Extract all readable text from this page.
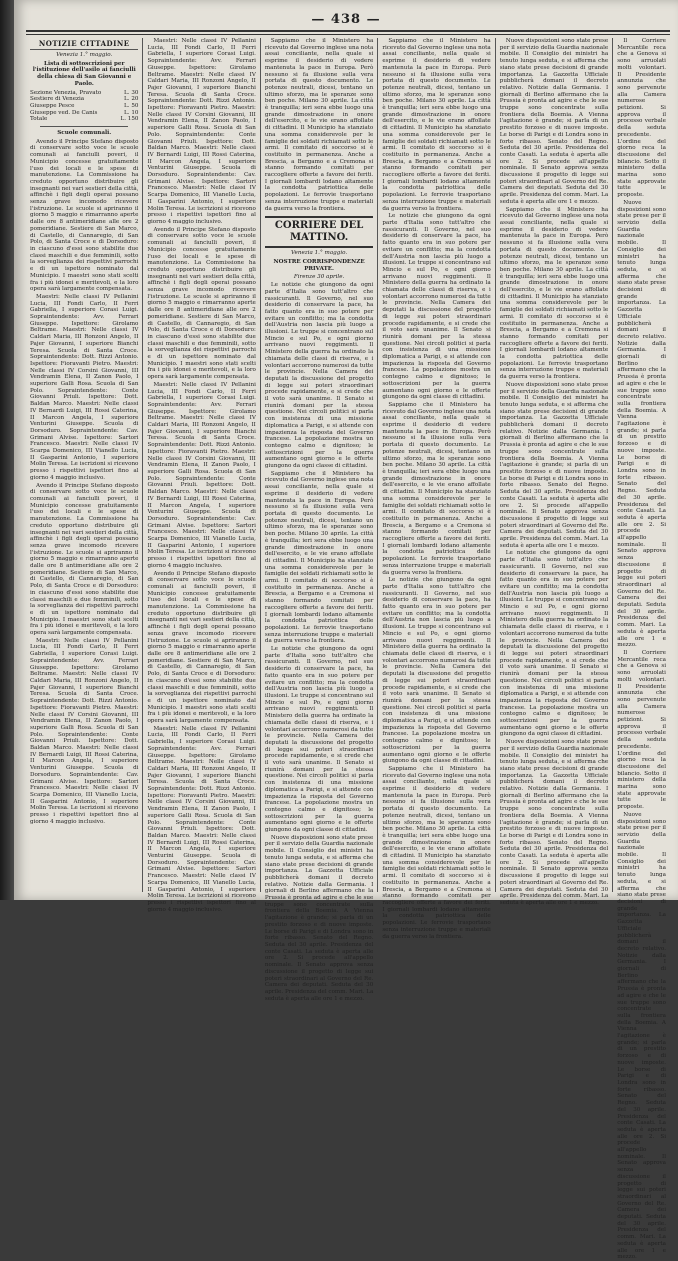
— 438 —
NOTIZIE CITTADINE
Venezia 1.° maggio.
Lista di sottoscrizioni per l'istituzione dell'asilo ai fanciulli della chiesa di San Giovanni e Paolo.
Sezione Venezia, Pravato	L. 30
Sestiere di Venezia	L. 20
Giuseppe Pesce	L. 50
Giuseppe ved. De Canis	L. 10
Totale	L. 150
Scuole comunali.

Avendo il Principe Stefano disposto di conservare sotto voce le scuole comunali ai fanciulli poveri, il Municipio concesse gratuitamente l'uso dei locali e le spese di manutenzione. La Commissione ha creduto opportuno distribuire gli insegnanti nei vari sestieri della città, affinchè i figli degli operai possano senza grave incomodo ricevere l'istruzione. Le scuole si apriranno il giorno 5 maggio e rimarranno aperte dalle ore 8 antimeridiane alle ore 2 pomeridiane. Sestiere di San Marco, di Castello, di Cannaregio, di San Polo, di Santa Croce e di Dorsoduro: in ciascuno d'essi sono stabilite due classi maschili e due femminili, sotto la sorveglianza dei rispettivi parrochi e di un ispettore nominato dal Municipio. I maestri sono stati scelti fra i più idonei e meritevoli, e la loro opera sarà largamente compensata.

Maestri: Nelle classi IV Pellanini Lucia, III Fondi Carlo, II Ferri Gabriella, I superiore Corasi Luigi. Sopraintendente: Avv. Ferrari Giuseppe. Ispettore: Girolamo Beltrame. Maestri: Nelle classi IV Caldari Maria, III Ronzoni Angelo, II Pajer Giovanni, I superiore Bianchi Teresa. Scuola di Santa Croce. Sopraintendente: Dott. Rizzi Antonio. Ispettore: Fioravanti Pietro. Maestri: Nelle classi IV Corsini Giovanni, III Vendramin Elena, II Zanon Paolo, I superiore Galli Rosa. Scuola di San Polo. Sopraintendente: Conte Giovanni Priuli. Ispettore: Dott. Baldan Marco. Maestri: Nelle classi IV Bernardi Luigi, III Rossi Caterina, II Marcon Angela, I superiore Venturini Giuseppe. Scuola di Dorsoduro. Sopraintendente: Cav. Grimani Alvise. Ispettore: Sartori Francesco. Maestri: Nelle classi IV Scarpa Domenico, III Vianello Lucia, II Gasparini Antonio, I superiore Molin Teresa. Le iscrizioni si ricevono presso i rispettivi ispettori fino al giorno 4 maggio inclusivo.

Avendo il Principe Stefano disposto di conservare sotto voce le scuole comunali ai fanciulli poveri, il Municipio concesse gratuitamente l'uso dei locali e le spese di manutenzione. La Commissione ha creduto opportuno distribuire gli insegnanti nei vari sestieri della città, affinchè i figli degli operai possano senza grave incomodo ricevere l'istruzione. Le scuole si apriranno il giorno 5 maggio e rimarranno aperte dalle ore 8 antimeridiane alle ore 2 pomeridiane. Sestiere di San Marco, di Castello, di Cannaregio, di San Polo, di Santa Croce e di Dorsoduro: in ciascuno d'essi sono stabilite due classi maschili e due femminili, sotto la sorveglianza dei rispettivi parrochi e di un ispettore nominato dal Municipio. I maestri sono stati scelti fra i più idonei e meritevoli, e la loro opera sarà largamente compensata.

Maestri: Nelle classi IV Pellanini Lucia, III Fondi Carlo, II Ferri Gabriella, I superiore Corasi Luigi. Sopraintendente: Avv. Ferrari Giuseppe. Ispettore: Girolamo Beltrame. Maestri: Nelle classi IV Caldari Maria, III Ronzoni Angelo, II Pajer Giovanni, I superiore Bianchi Teresa. Scuola di Santa Croce. Sopraintendente: Dott. Rizzi Antonio. Ispettore: Fioravanti Pietro. Maestri: Nelle classi IV Corsini Giovanni, III Vendramin Elena, II Zanon Paolo, I superiore Galli Rosa. Scuola di San Polo. Sopraintendente: Conte Giovanni Priuli. Ispettore: Dott. Baldan Marco. Maestri: Nelle classi IV Bernardi Luigi, III Rossi Caterina, II Marcon Angela, I superiore Venturini Giuseppe. Scuola di Dorsoduro. Sopraintendente: Cav. Grimani Alvise. Ispettore: Sartori Francesco. Maestri: Nelle classi IV Scarpa Domenico, III Vianello Lucia, II Gasparini Antonio, I superiore Molin Teresa. Le iscrizioni si ricevono presso i rispettivi ispettori fino al giorno 4 maggio inclusivo.

Maestri: Nelle classi IV Pellanini Lucia, III Fondi Carlo, II Ferri Gabriella, I superiore Corasi Luigi. Sopraintendente: Avv. Ferrari Giuseppe. Ispettore: Girolamo Beltrame. Maestri: Nelle classi IV Caldari Maria, III Ronzoni Angelo, II Pajer Giovanni, I superiore Bianchi Teresa. Scuola di Santa Croce. Sopraintendente: Dott. Rizzi Antonio. Ispettore: Fioravanti Pietro. Maestri: Nelle classi IV Corsini Giovanni, III Vendramin Elena, II Zanon Paolo, I superiore Galli Rosa. Scuola di San Polo. Sopraintendente: Conte Giovanni Priuli. Ispettore: Dott. Baldan Marco. Maestri: Nelle classi IV Bernardi Luigi, III Rossi Caterina, II Marcon Angela, I superiore Venturini Giuseppe. Scuola di Dorsoduro. Sopraintendente: Cav. Grimani Alvise. Ispettore: Sartori Francesco. Maestri: Nelle classi IV Scarpa Domenico, III Vianello Lucia, II Gasparini Antonio, I superiore Molin Teresa. Le iscrizioni si ricevono presso i rispettivi ispettori fino al giorno 4 maggio inclusivo.

Avendo il Principe Stefano disposto di conservare sotto voce le scuole comunali ai fanciulli poveri, il Municipio concesse gratuitamente l'uso dei locali e le spese di manutenzione. La Commissione ha creduto opportuno distribuire gli insegnanti nei vari sestieri della città, affinchè i figli degli operai possano senza grave incomodo ricevere l'istruzione. Le scuole si apriranno il giorno 5 maggio e rimarranno aperte dalle ore 8 antimeridiane alle ore 2 pomeridiane. Sestiere di San Marco, di Castello, di Cannaregio, di San Polo, di Santa Croce e di Dorsoduro: in ciascuno d'essi sono stabilite due classi maschili e due femminili, sotto la sorveglianza dei rispettivi parrochi e di un ispettore nominato dal Municipio. I maestri sono stati scelti fra i più idonei e meritevoli, e la loro opera sarà largamente compensata.

Maestri: Nelle classi IV Pellanini Lucia, III Fondi Carlo, II Ferri Gabriella, I superiore Corasi Luigi. Sopraintendente: Avv. Ferrari Giuseppe. Ispettore: Girolamo Beltrame. Maestri: Nelle classi IV Caldari Maria, III Ronzoni Angelo, II Pajer Giovanni, I superiore Bianchi Teresa. Scuola di Santa Croce. Sopraintendente: Dott. Rizzi Antonio. Ispettore: Fioravanti Pietro. Maestri: Nelle classi IV Corsini Giovanni, III Vendramin Elena, II Zanon Paolo, I superiore Galli Rosa. Scuola di San Polo. Sopraintendente: Conte Giovanni Priuli. Ispettore: Dott. Baldan Marco. Maestri: Nelle classi IV Bernardi Luigi, III Rossi Caterina, II Marcon Angela, I superiore Venturini Giuseppe. Scuola di Dorsoduro. Sopraintendente: Cav. Grimani Alvise. Ispettore: Sartori Francesco. Maestri: Nelle classi IV Scarpa Domenico, III Vianello Lucia, II Gasparini Antonio, I superiore Molin Teresa. Le iscrizioni si ricevono presso i rispettivi ispettori fino al giorno 4 maggio inclusivo.

Avendo il Principe Stefano disposto di conservare sotto voce le scuole comunali ai fanciulli poveri, il Municipio concesse gratuitamente l'uso dei locali e le spese di manutenzione. La Commissione ha creduto opportuno distribuire gli insegnanti nei vari sestieri della città, affinchè i figli degli operai possano senza grave incomodo ricevere l'istruzione. Le scuole si apriranno il giorno 5 maggio e rimarranno aperte dalle ore 8 antimeridiane alle ore 2 pomeridiane. Sestiere di San Marco, di Castello, di Cannaregio, di San Polo, di Santa Croce e di Dorsoduro: in ciascuno d'essi sono stabilite due classi maschili e due femminili, sotto la sorveglianza dei rispettivi parrochi e di un ispettore nominato dal Municipio. I maestri sono stati scelti fra i più idonei e meritevoli, e la loro opera sarà largamente compensata.

Maestri: Nelle classi IV Pellanini Lucia, III Fondi Carlo, II Ferri Gabriella, I superiore Corasi Luigi. Sopraintendente: Avv. Ferrari Giuseppe. Ispettore: Girolamo Beltrame. Maestri: Nelle classi IV Caldari Maria, III Ronzoni Angelo, II Pajer Giovanni, I superiore Bianchi Teresa. Scuola di Santa Croce. Sopraintendente: Dott. Rizzi Antonio. Ispettore: Fioravanti Pietro. Maestri: Nelle classi IV Corsini Giovanni, III Vendramin Elena, II Zanon Paolo, I superiore Galli Rosa. Scuola di San Polo. Sopraintendente: Conte Giovanni Priuli. Ispettore: Dott. Baldan Marco. Maestri: Nelle classi IV Bernardi Luigi, III Rossi Caterina, II Marcon Angela, I superiore Venturini Giuseppe. Scuola di Dorsoduro. Sopraintendente: Cav. Grimani Alvise. Ispettore: Sartori Francesco. Maestri: Nelle classi IV Scarpa Domenico, III Vianello Lucia, II Gasparini Antonio, I superiore Molin Teresa. Le iscrizioni si ricevono presso i rispettivi ispettori fino al giorno 4 maggio inclusivo.

Sappiamo che il Ministero ha ricevuto dal Governo inglese una nota assai conciliante, nella quale si esprime il desiderio di vedere mantenuta la pace in Europa. Però nessuno si fa illusione sulla vera portata di questo documento. Le potenze neutrali, dicesi, tentano un ultimo sforzo, ma le speranze sono ben poche. Milano 30 aprile. La città è tranquilla; ieri sera ebbe luogo una grande dimostrazione in onore dell'esercito, e le vie erano affollate di cittadini. Il Municipio ha stanziato una somma considerevole per le famiglie dei soldati richiamati sotto le armi. Il comitato di soccorso si è costituito in permanenza. Anche a Brescia, a Bergamo e a Cremona si stanno formando comitati per raccogliere offerte a favore dei feriti. I giornali lombardi lodano altamente la condotta patriottica delle popolazioni. Le ferrovie trasportano senza interruzione truppe e materiali da guerra verso la frontiera.

CORRIERE DEL MATTINO.
Venezia 1.° maggio.
NOSTRE CORRISPONDENZE PRIVATE.
Firenze 30 aprile.

Le notizie che giungono da ogni parte d'Italia sono tutt'altro che rassicuranti. Il Governo, nel suo desiderio di conservare la pace, ha fatto quanto era in suo potere per evitare un conflitto; ma la condotta dell'Austria non lascia più luogo a illusioni. Le truppe si concentrano sul Mincio e sul Po, e ogni giorno arrivano nuovi reggimenti. Il Ministero della guerra ha ordinato la chiamata delle classi di riserva, e i volontari accorrono numerosi da tutte le provincie. Nella Camera dei deputati la discussione del progetto di legge sui poteri straordinari procede rapidamente, e si crede che il voto sarà unanime. Il Senato si riunirà domani per la stessa questione. Nei circoli politici si parla con insistenza di una missione diplomatica a Parigi, e si attende con impazienza la risposta del Governo francese. La popolazione mostra un contegno calmo e dignitoso; le sottoscrizioni per la guerra aumentano ogni giorno e le offerte giungono da ogni classe di cittadini.

Sappiamo che il Ministero ha ricevuto dal Governo inglese una nota assai conciliante, nella quale si esprime il desiderio di vedere mantenuta la pace in Europa. Però nessuno si fa illusione sulla vera portata di questo documento. Le potenze neutrali, dicesi, tentano un ultimo sforzo, ma le speranze sono ben poche. Milano 30 aprile. La città è tranquilla; ieri sera ebbe luogo una grande dimostrazione in onore dell'esercito, e le vie erano affollate di cittadini. Il Municipio ha stanziato una somma considerevole per le famiglie dei soldati richiamati sotto le armi. Il comitato di soccorso si è costituito in permanenza. Anche a Brescia, a Bergamo e a Cremona si stanno formando comitati per raccogliere offerte a favore dei feriti. I giornali lombardi lodano altamente la condotta patriottica delle popolazioni. Le ferrovie trasportano senza interruzione truppe e materiali da guerra verso la frontiera.

Le notizie che giungono da ogni parte d'Italia sono tutt'altro che rassicuranti. Il Governo, nel suo desiderio di conservare la pace, ha fatto quanto era in suo potere per evitare un conflitto; ma la condotta dell'Austria non lascia più luogo a illusioni. Le truppe si concentrano sul Mincio e sul Po, e ogni giorno arrivano nuovi reggimenti. Il Ministero della guerra ha ordinato la chiamata delle classi di riserva, e i volontari accorrono numerosi da tutte le provincie. Nella Camera dei deputati la discussione del progetto di legge sui poteri straordinari procede rapidamente, e si crede che il voto sarà unanime. Il Senato si riunirà domani per la stessa questione. Nei circoli politici si parla con insistenza di una missione diplomatica a Parigi, e si attende con impazienza la risposta del Governo francese. La popolazione mostra un contegno calmo e dignitoso; le sottoscrizioni per la guerra aumentano ogni giorno e le offerte giungono da ogni classe di cittadini.

Nuove disposizioni sono state prese per il servizio della Guardia nazionale mobile. Il Consiglio dei ministri ha tenuto lunga seduta, e si afferma che siano state prese decisioni di grande importanza. La Gazzetta Ufficiale pubblicherà domani il decreto relativo. Notizie dalla Germania. I giornali di Berlino affermano che la Prussia è pronta ad agire e che le sue truppe sono concentrate sulla frontiera della Boemia. A Vienna l'agitazione è grande; si parla di un prestito forzoso e di nuove imposte. Le borse di Parigi e di Londra sono in forte ribasso. Senato del Regno. Seduta del 30 aprile. Presidenza del conte Casati. La seduta è aperta alle ore 2. Si procede all'appello nominale. Il Senato approva senza discussione il progetto di legge sui poteri straordinari al Governo del Re. Camera dei deputati. Seduta del 30 aprile. Presidenza del comm. Mari. La seduta è aperta alle ore 1 e mezzo.

Sappiamo che il Ministero ha ricevuto dal Governo inglese una nota assai conciliante, nella quale si esprime il desiderio di vedere mantenuta la pace in Europa. Però nessuno si fa illusione sulla vera portata di questo documento. Le potenze neutrali, dicesi, tentano un ultimo sforzo, ma le speranze sono ben poche. Milano 30 aprile. La città è tranquilla; ieri sera ebbe luogo una grande dimostrazione in onore dell'esercito, e le vie erano affollate di cittadini. Il Municipio ha stanziato una somma considerevole per le famiglie dei soldati richiamati sotto le armi. Il comitato di soccorso si è costituito in permanenza. Anche a Brescia, a Bergamo e a Cremona si stanno formando comitati per raccogliere offerte a favore dei feriti. I giornali lombardi lodano altamente la condotta patriottica delle popolazioni. Le ferrovie trasportano senza interruzione truppe e materiali da guerra verso la frontiera.

Le notizie che giungono da ogni parte d'Italia sono tutt'altro che rassicuranti. Il Governo, nel suo desiderio di conservare la pace, ha fatto quanto era in suo potere per evitare un conflitto; ma la condotta dell'Austria non lascia più luogo a illusioni. Le truppe si concentrano sul Mincio e sul Po, e ogni giorno arrivano nuovi reggimenti. Il Ministero della guerra ha ordinato la chiamata delle classi di riserva, e i volontari accorrono numerosi da tutte le provincie. Nella Camera dei deputati la discussione del progetto di legge sui poteri straordinari procede rapidamente, e si crede che il voto sarà unanime. Il Senato si riunirà domani per la stessa questione. Nei circoli politici si parla con insistenza di una missione diplomatica a Parigi, e si attende con impazienza la risposta del Governo francese. La popolazione mostra un contegno calmo e dignitoso; le sottoscrizioni per la guerra aumentano ogni giorno e le offerte giungono da ogni classe di cittadini.

Sappiamo che il Ministero ha ricevuto dal Governo inglese una nota assai conciliante, nella quale si esprime il desiderio di vedere mantenuta la pace in Europa. Però nessuno si fa illusione sulla vera portata di questo documento. Le potenze neutrali, dicesi, tentano un ultimo sforzo, ma le speranze sono ben poche. Milano 30 aprile. La città è tranquilla; ieri sera ebbe luogo una grande dimostrazione in onore dell'esercito, e le vie erano affollate di cittadini. Il Municipio ha stanziato una somma considerevole per le famiglie dei soldati richiamati sotto le armi. Il comitato di soccorso si è costituito in permanenza. Anche a Brescia, a Bergamo e a Cremona si stanno formando comitati per raccogliere offerte a favore dei feriti. I giornali lombardi lodano altamente la condotta patriottica delle popolazioni. Le ferrovie trasportano senza interruzione truppe e materiali da guerra verso la frontiera.

Le notizie che giungono da ogni parte d'Italia sono tutt'altro che rassicuranti. Il Governo, nel suo desiderio di conservare la pace, ha fatto quanto era in suo potere per evitare un conflitto; ma la condotta dell'Austria non lascia più luogo a illusioni. Le truppe si concentrano sul Mincio e sul Po, e ogni giorno arrivano nuovi reggimenti. Il Ministero della guerra ha ordinato la chiamata delle classi di riserva, e i volontari accorrono numerosi da tutte le provincie. Nella Camera dei deputati la discussione del progetto di legge sui poteri straordinari procede rapidamente, e si crede che il voto sarà unanime. Il Senato si riunirà domani per la stessa questione. Nei circoli politici si parla con insistenza di una missione diplomatica a Parigi, e si attende con impazienza la risposta del Governo francese. La popolazione mostra un contegno calmo e dignitoso; le sottoscrizioni per la guerra aumentano ogni giorno e le offerte giungono da ogni classe di cittadini.

Sappiamo che il Ministero ha ricevuto dal Governo inglese una nota assai conciliante, nella quale si esprime il desiderio di vedere mantenuta la pace in Europa. Però nessuno si fa illusione sulla vera portata di questo documento. Le potenze neutrali, dicesi, tentano un ultimo sforzo, ma le speranze sono ben poche. Milano 30 aprile. La città è tranquilla; ieri sera ebbe luogo una grande dimostrazione in onore dell'esercito, e le vie erano affollate di cittadini. Il Municipio ha stanziato una somma considerevole per le famiglie dei soldati richiamati sotto le armi. Il comitato di soccorso si è costituito in permanenza. Anche a Brescia, a Bergamo e a Cremona si stanno formando comitati per raccogliere offerte a favore dei feriti. I giornali lombardi lodano altamente la condotta patriottica delle popolazioni. Le ferrovie trasportano senza interruzione truppe e materiali da guerra verso la frontiera.

Nuove disposizioni sono state prese per il servizio della Guardia nazionale mobile. Il Consiglio dei ministri ha tenuto lunga seduta, e si afferma che siano state prese decisioni di grande importanza. La Gazzetta Ufficiale pubblicherà domani il decreto relativo. Notizie dalla Germania. I giornali di Berlino affermano che la Prussia è pronta ad agire e che le sue truppe sono concentrate sulla frontiera della Boemia. A Vienna l'agitazione è grande; si parla di un prestito forzoso e di nuove imposte. Le borse di Parigi e di Londra sono in forte ribasso. Senato del Regno. Seduta del 30 aprile. Presidenza del conte Casati. La seduta è aperta alle ore 2. Si procede all'appello nominale. Il Senato approva senza discussione il progetto di legge sui poteri straordinari al Governo del Re. Camera dei deputati. Seduta del 30 aprile. Presidenza del comm. Mari. La seduta è aperta alle ore 1 e mezzo.

Sappiamo che il Ministero ha ricevuto dal Governo inglese una nota assai conciliante, nella quale si esprime il desiderio di vedere mantenuta la pace in Europa. Però nessuno si fa illusione sulla vera portata di questo documento. Le potenze neutrali, dicesi, tentano un ultimo sforzo, ma le speranze sono ben poche. Milano 30 aprile. La città è tranquilla; ieri sera ebbe luogo una grande dimostrazione in onore dell'esercito, e le vie erano affollate di cittadini. Il Municipio ha stanziato una somma considerevole per le famiglie dei soldati richiamati sotto le armi. Il comitato di soccorso si è costituito in permanenza. Anche a Brescia, a Bergamo e a Cremona si stanno formando comitati per raccogliere offerte a favore dei feriti. I giornali lombardi lodano altamente la condotta patriottica delle popolazioni. Le ferrovie trasportano senza interruzione truppe e materiali da guerra verso la frontiera.

Nuove disposizioni sono state prese per il servizio della Guardia nazionale mobile. Il Consiglio dei ministri ha tenuto lunga seduta, e si afferma che siano state prese decisioni di grande importanza. La Gazzetta Ufficiale pubblicherà domani il decreto relativo. Notizie dalla Germania. I giornali di Berlino affermano che la Prussia è pronta ad agire e che le sue truppe sono concentrate sulla frontiera della Boemia. A Vienna l'agitazione è grande; si parla di un prestito forzoso e di nuove imposte. Le borse di Parigi e di Londra sono in forte ribasso. Senato del Regno. Seduta del 30 aprile. Presidenza del conte Casati. La seduta è aperta alle ore 2. Si procede all'appello nominale. Il Senato approva senza discussione il progetto di legge sui poteri straordinari al Governo del Re. Camera dei deputati. Seduta del 30 aprile. Presidenza del comm. Mari. La seduta è aperta alle ore 1 e mezzo.

Le notizie che giungono da ogni parte d'Italia sono tutt'altro che rassicuranti. Il Governo, nel suo desiderio di conservare la pace, ha fatto quanto era in suo potere per evitare un conflitto; ma la condotta dell'Austria non lascia più luogo a illusioni. Le truppe si concentrano sul Mincio e sul Po, e ogni giorno arrivano nuovi reggimenti. Il Ministero della guerra ha ordinato la chiamata delle classi di riserva, e i volontari accorrono numerosi da tutte le provincie. Nella Camera dei deputati la discussione del progetto di legge sui poteri straordinari procede rapidamente, e si crede che il voto sarà unanime. Il Senato si riunirà domani per la stessa questione. Nei circoli politici si parla con insistenza di una missione diplomatica a Parigi, e si attende con impazienza la risposta del Governo francese. La popolazione mostra un contegno calmo e dignitoso; le sottoscrizioni per la guerra aumentano ogni giorno e le offerte giungono da ogni classe di cittadini.

Nuove disposizioni sono state prese per il servizio della Guardia nazionale mobile. Il Consiglio dei ministri ha tenuto lunga seduta, e si afferma che siano state prese decisioni di grande importanza. La Gazzetta Ufficiale pubblicherà domani il decreto relativo. Notizie dalla Germania. I giornali di Berlino affermano che la Prussia è pronta ad agire e che le sue truppe sono concentrate sulla frontiera della Boemia. A Vienna l'agitazione è grande; si parla di un prestito forzoso e di nuove imposte. Le borse di Parigi e di Londra sono in forte ribasso. Senato del Regno. Seduta del 30 aprile. Presidenza del conte Casati. La seduta è aperta alle ore 2. Si procede all'appello nominale. Il Senato approva senza discussione il progetto di legge sui poteri straordinari al Governo del Re. Camera dei deputati. Seduta del 30 aprile. Presidenza del comm. Mari. La seduta è aperta alle ore 1 e mezzo.

Il Corriere Mercantile reca che a Genova si sono arruolati molti volontari. Il Presidente annunzia che sono pervenute alla Camera numerose petizioni. Si approva il processo verbale della seduta precedente. L'ordine del giorno reca la discussione del bilancio. Sotto il ministero della marina sono state approvate tutte le proposte.

Nuove disposizioni sono state prese per il servizio della Guardia nazionale mobile. Il Consiglio dei ministri ha tenuto lunga seduta, e si afferma che siano state prese decisioni di grande importanza. La Gazzetta Ufficiale pubblicherà domani il decreto relativo. Notizie dalla Germania. I giornali di Berlino affermano che la Prussia è pronta ad agire e che le sue truppe sono concentrate sulla frontiera della Boemia. A Vienna l'agitazione è grande; si parla di un prestito forzoso e di nuove imposte. Le borse di Parigi e di Londra sono in forte ribasso. Senato del Regno. Seduta del 30 aprile. Presidenza del conte Casati. La seduta è aperta alle ore 2. Si procede all'appello nominale. Il Senato approva senza discussione il progetto di legge sui poteri straordinari al Governo del Re. Camera dei deputati. Seduta del 30 aprile. Presidenza del comm. Mari. La seduta è aperta alle ore 1 e mezzo.

Il Corriere Mercantile reca che a Genova si sono arruolati molti volontari. Il Presidente annunzia che sono pervenute alla Camera numerose petizioni. Si approva il processo verbale della seduta precedente. L'ordine del giorno reca la discussione del bilancio. Sotto il ministero della marina sono state approvate tutte le proposte.

Nuove disposizioni sono state prese per il servizio della Guardia nazionale mobile. Il Consiglio dei ministri ha tenuto lunga seduta, e si afferma che siano state prese decisioni di grande importanza. La Gazzetta Ufficiale pubblicherà domani il decreto relativo. Notizie dalla Germania. I giornali di Berlino affermano che la Prussia è pronta ad agire e che le sue truppe sono concentrate sulla frontiera della Boemia. A Vienna l'agitazione è grande; si parla di un prestito forzoso e di nuove imposte. Le borse di Parigi e di Londra sono in forte ribasso. Senato del Regno. Seduta del 30 aprile. Presidenza del conte Casati. La seduta è aperta alle ore 2. Si procede all'appello nominale. Il Senato approva senza discussione il progetto di legge sui poteri straordinari al Governo del Re. Camera dei deputati. Seduta del 30 aprile. Presidenza del comm. Mari. La seduta è aperta alle ore 1 e mezzo.
